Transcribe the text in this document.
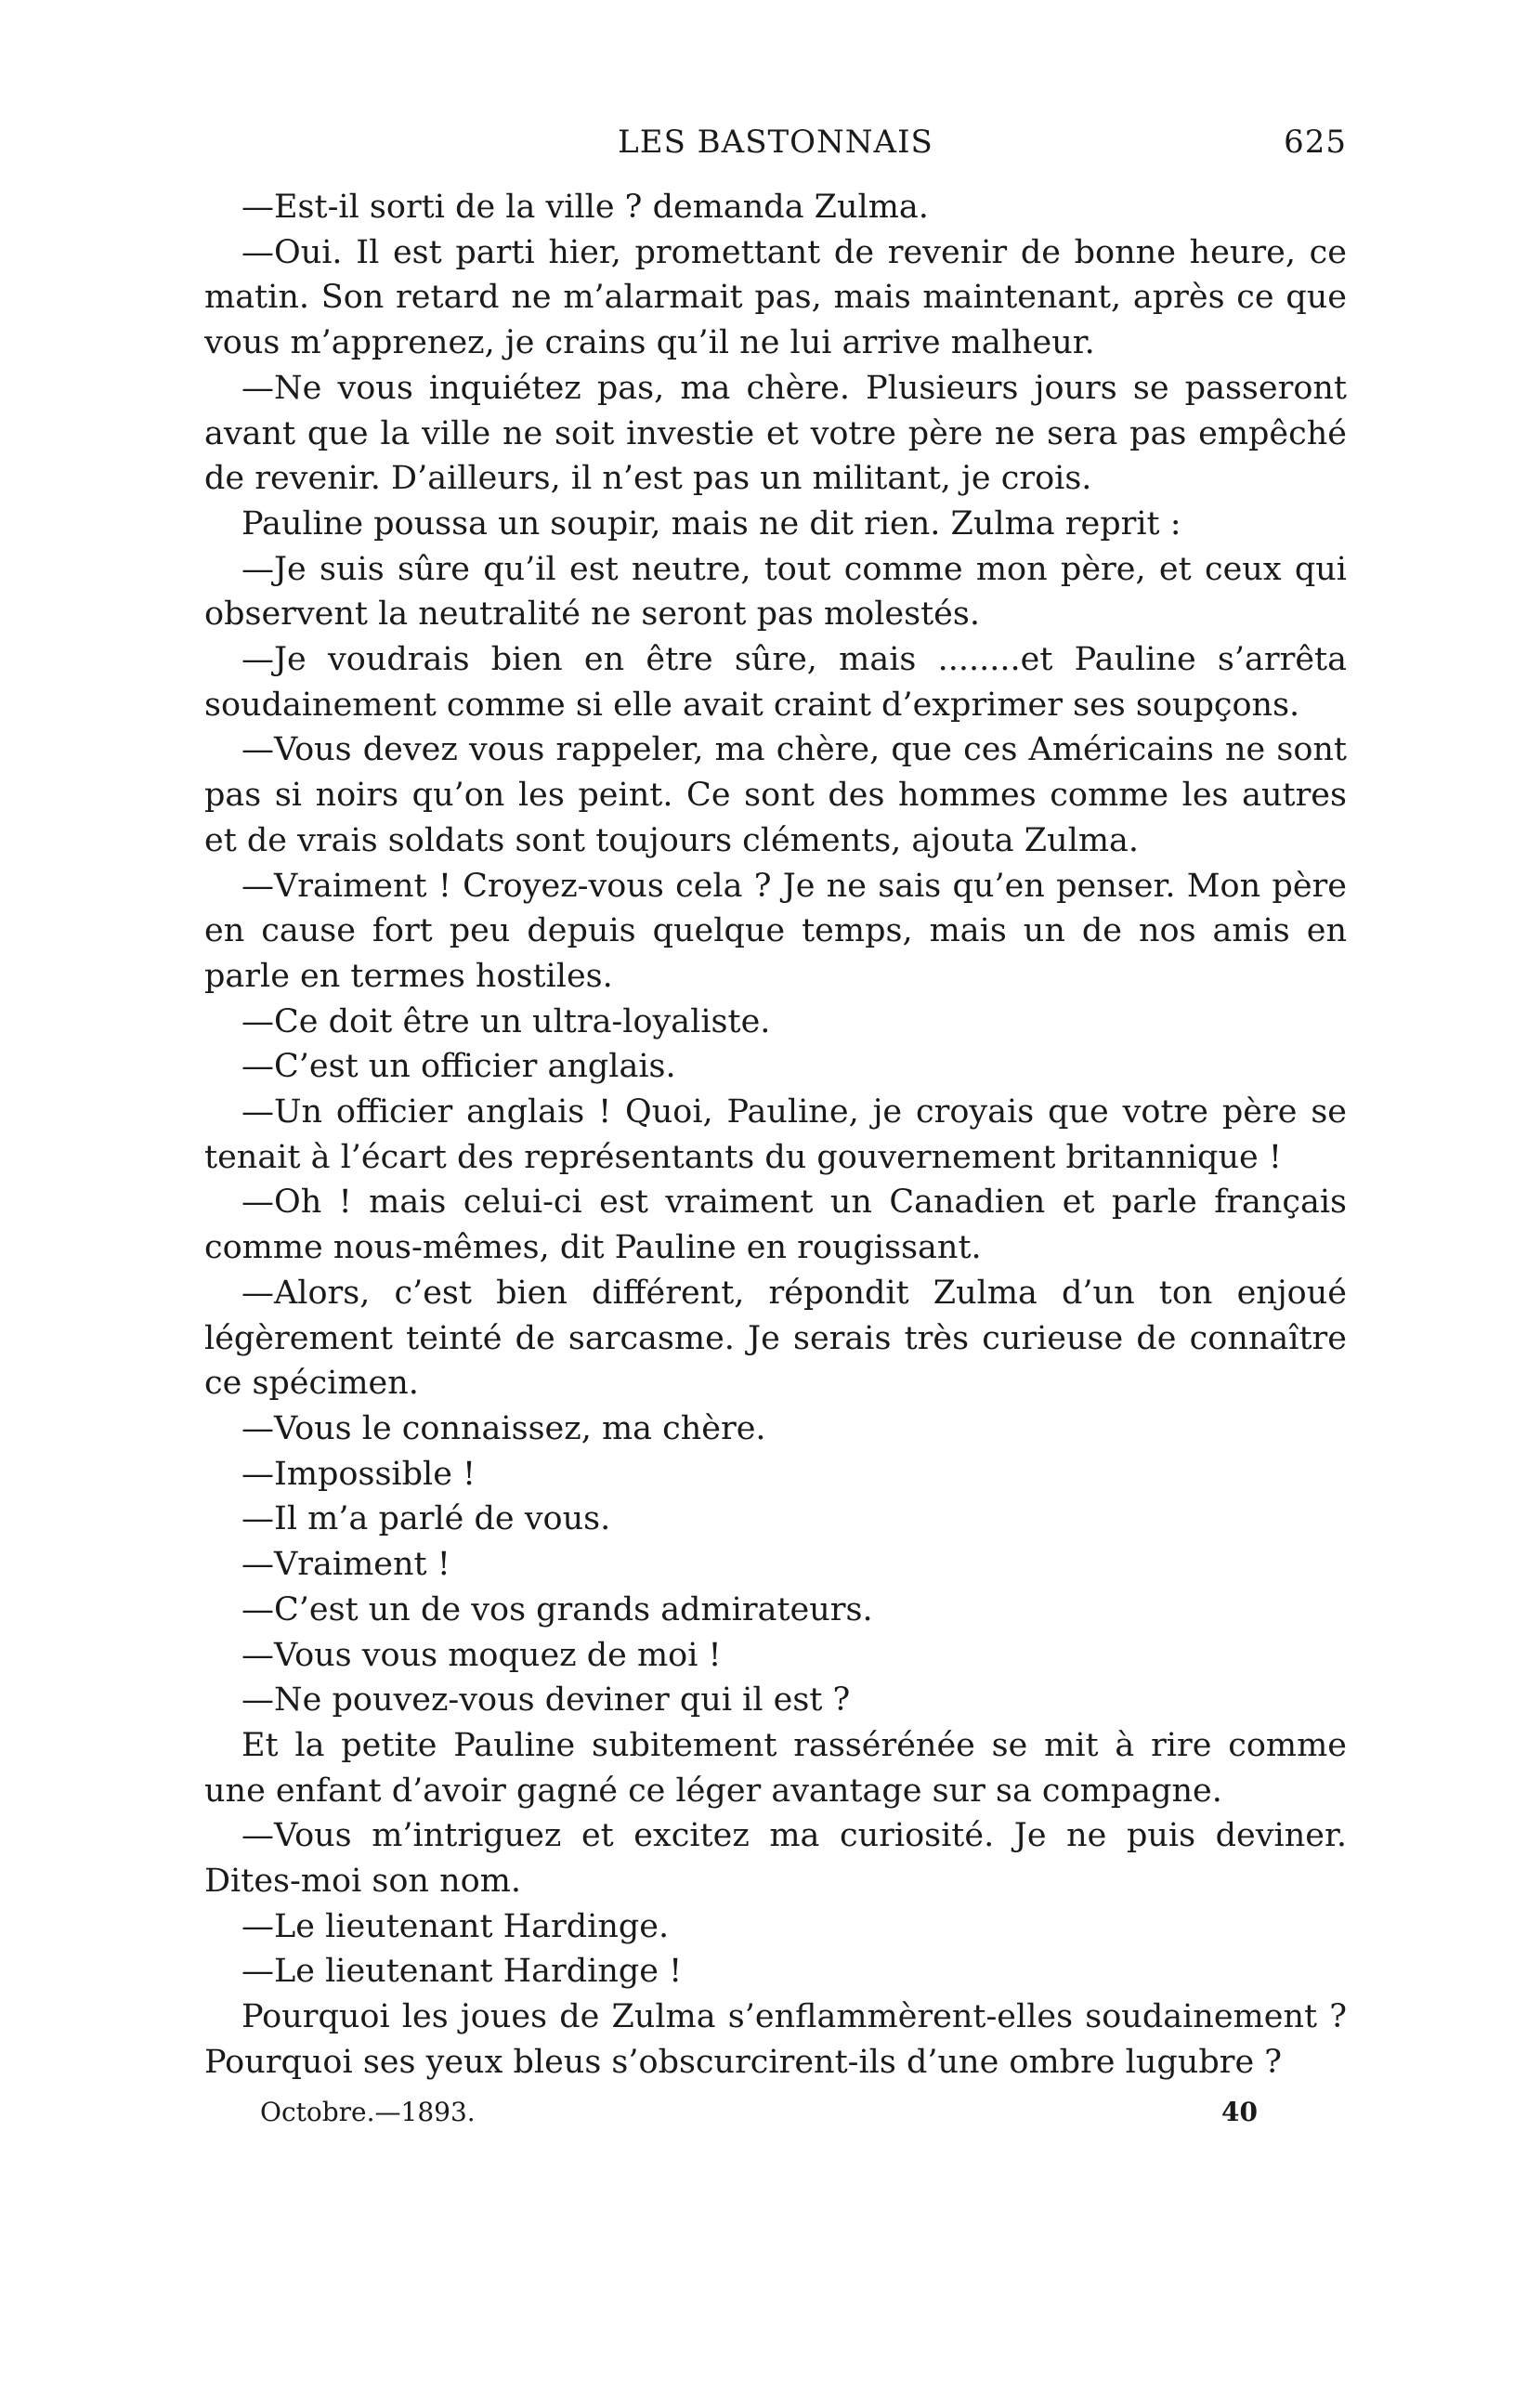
LES BASTONNAIS	625

—Est-il sorti de la ville ? demanda Zulma.

—Oui. Il est parti hier, promettant de revenir de bonne heure, ce matin. Son retard ne m’alarmait pas, mais maintenant, après ce que vous m’apprenez, je crains qu’il ne lui arrive malheur.

—Ne vous inquiétez pas, ma chère. Plusieurs jours se passeront avant que la ville ne soit investie et votre père ne sera pas empêché de revenir. D’ailleurs, il n’est pas un militant, je crois.

Pauline poussa un soupir, mais ne dit rien. Zulma reprit :

—Je suis sûre qu’il est neutre, tout comme mon père, et ceux qui observent la neutralité ne seront pas molestés.

—Je voudrais bien en être sûre, mais ........et Pauline s’arrêta soudainement comme si elle avait craint d’exprimer ses soupçons.

—Vous devez vous rappeler, ma chère, que ces Américains ne sont pas si noirs qu’on les peint. Ce sont des hommes comme les autres et de vrais soldats sont toujours cléments, ajouta Zulma.

—Vraiment ! Croyez-vous cela ? Je ne sais qu’en penser. Mon père en cause fort peu depuis quelque temps, mais un de nos amis en parle en termes hostiles.

—Ce doit être un ultra-loyaliste.

—C’est un officier anglais.

—Un officier anglais ! Quoi, Pauline, je croyais que votre père se tenait à l’écart des représentants du gouvernement britannique !

—Oh ! mais celui-ci est vraiment un Canadien et parle français comme nous-mêmes, dit Pauline en rougissant.

—Alors, c’est bien différent, répondit Zulma d’un ton enjoué légèrement teinté de sarcasme. Je serais très curieuse de connaître ce spécimen.

—Vous le connaissez, ma chère.

—Impossible !

—Il m’a parlé de vous.

—Vraiment !

—C’est un de vos grands admirateurs.

—Vous vous moquez de moi !

—Ne pouvez-vous deviner qui il est ?

Et la petite Pauline subitement rassérénée se mit à rire comme une enfant d’avoir gagné ce léger avantage sur sa compagne.

—Vous m’intriguez et excitez ma curiosité. Je ne puis deviner. Dites-moi son nom.

—Le lieutenant Hardinge.

—Le lieutenant Hardinge !

Pourquoi les joues de Zulma s’enflammèrent-elles soudainement ? Pourquoi ses yeux bleus s’obscurcirent-ils d’une ombre lugubre ?

Octobre.—1893.	40
